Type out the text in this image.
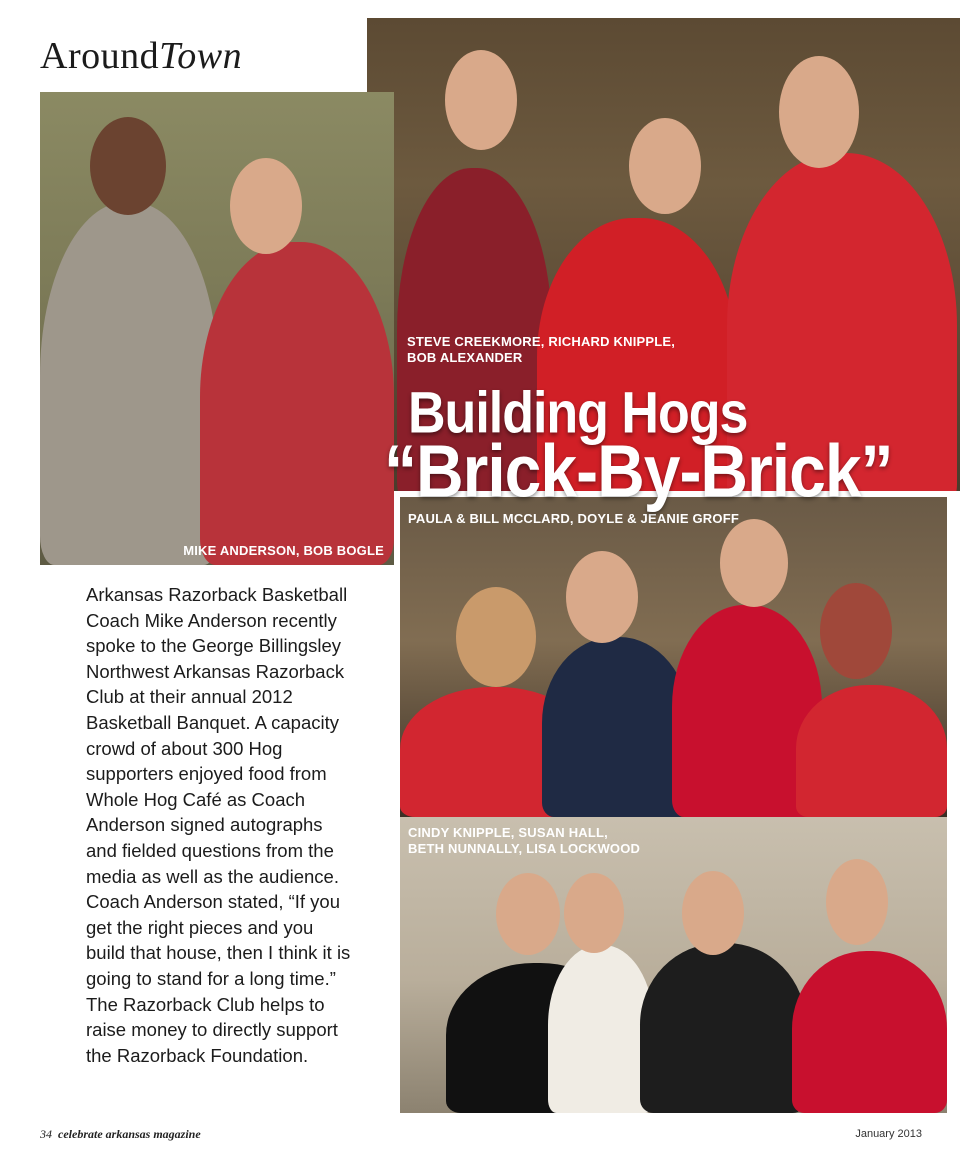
AroundTown
STEVE CREEKMORE, RICHARD KNIPPLE,
BOB ALEXANDER
MIKE ANDERSON, BOB BOGLE
PAULA & BILL MCCLARD, DOYLE & JEANIE GROFF
CINDY KNIPPLE, SUSAN HALL,
BETH NUNNALLY, LISA LOCKWOOD
Building Hogs
“Brick-By-Brick”
Arkansas Razorback Basketball
Coach Mike Anderson recently
spoke to the George Billingsley
Northwest Arkansas Razorback
Club at their annual 2012
Basketball Banquet. A capacity
crowd of about 300 Hog
supporters enjoyed food from
Whole Hog Café as Coach
Anderson signed autographs
and fielded questions from the
media as well as the audience.
Coach Anderson stated, “If you
get the right pieces and you
build that house, then I think it is
going to stand for a long time.”
The Razorback Club helps to
raise money to directly support
the Razorback Foundation.
34 celebrate arkansas magazine	January 2013
